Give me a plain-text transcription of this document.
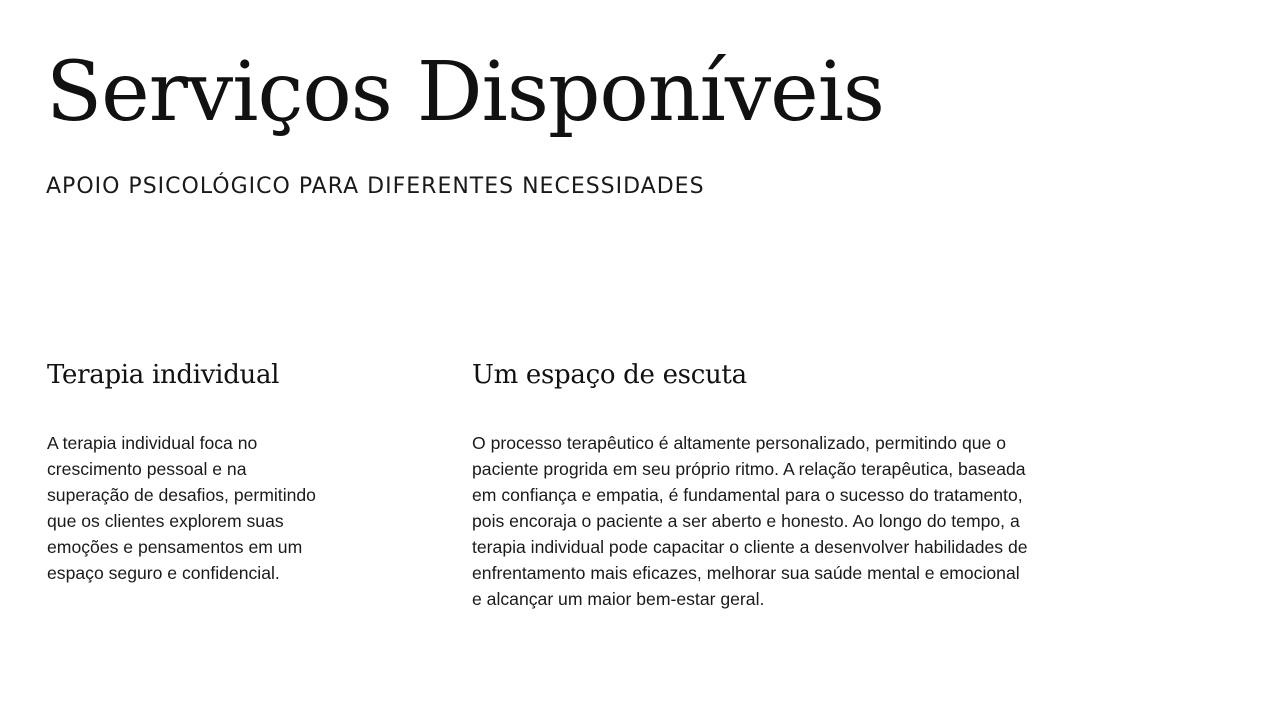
Serviços Disponíveis

APOIO PSICOLÓGICO PARA DIFERENTES NECESSIDADES

Terapia individual

A terapia individual foca no crescimento pessoal e na superação de desafios, permitindo que os clientes explorem suas emoções e pensamentos em um espaço seguro e confidencial.

Um espaço de escuta

O processo terapêutico é altamente personalizado, permitindo que o paciente progrida em seu próprio ritmo. A relação terapêutica, baseada em confiança e empatia, é fundamental para o sucesso do tratamento, pois encoraja o paciente a ser aberto e honesto. Ao longo do tempo, a terapia individual pode capacitar o cliente a desenvolver habilidades de enfrentamento mais eficazes, melhorar sua saúde mental e emocional e alcançar um maior bem-estar geral.
